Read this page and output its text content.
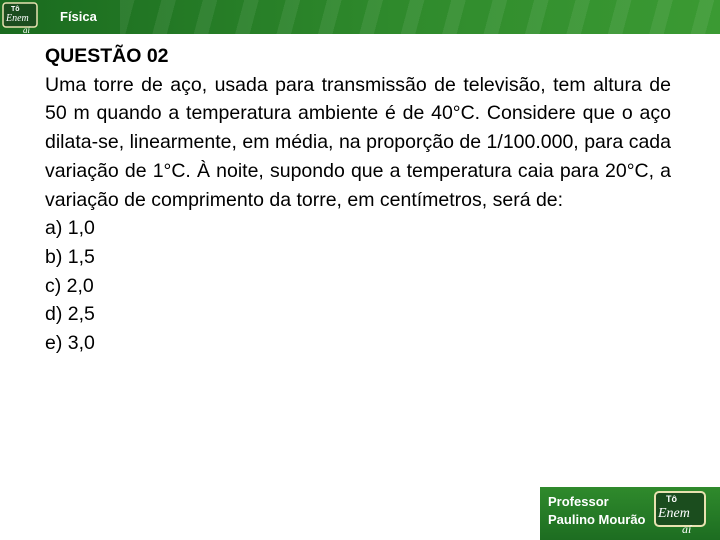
Tô
Enem
aí
Física
QUESTÃO 02
Uma torre de aço, usada para transmissão de televisão, tem altura de 50 m quando a temperatura ambiente é de 40°C. Considere que o aço dilata-se, linearmente, em média, na proporção de 1/100.000, para cada variação de 1°C. À noite, supondo que a temperatura caia para 20°C, a variação de comprimento da torre, em centímetros, será de:
a) 1,0
b) 1,5
c) 2,0
d) 2,5
e) 3,0
Professor
Paulino Mourão
Tô
Enem
aí
